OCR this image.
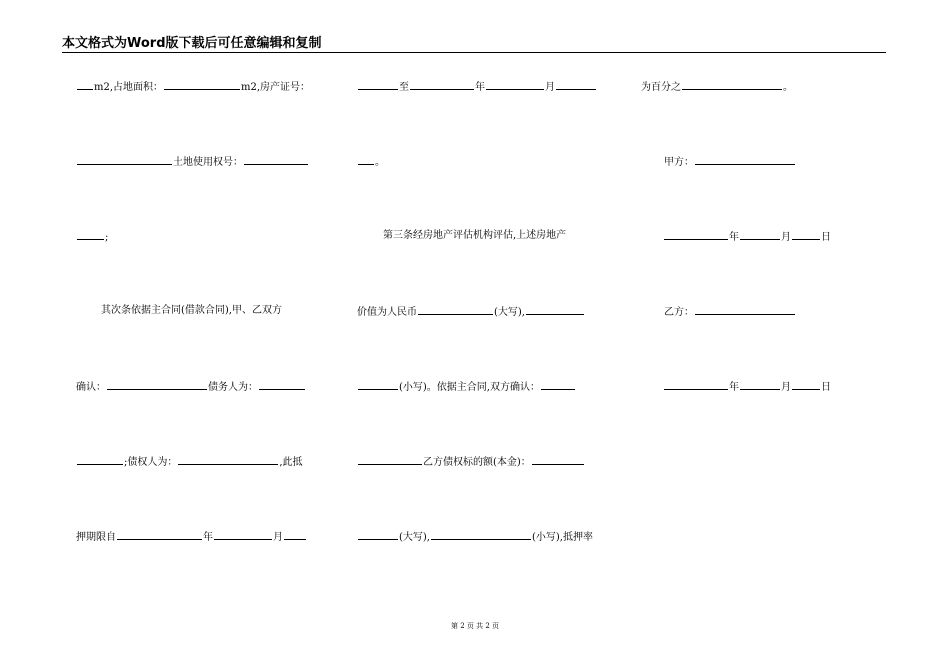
本文格式为Word版下载后可任意编辑和复制
m2,占地面积：	m2,房产证号：
土地使用权号：
;
其次条依据主合同(借款合同),甲、乙双方
确认：	债务人为：
;债权人为：	,此抵
押期限自	年	月
至	年	月
。
第三条经房地产评估机构评估,上述房地产
价值为人民币	(大写),
(小写)。依据主合同,双方确认：
乙方债权标的额(本金)：
(大写),	(小写),抵押率
为百分之	。
甲方：
年	月	日
乙方：
年	月	日
第 2 页 共 2 页
